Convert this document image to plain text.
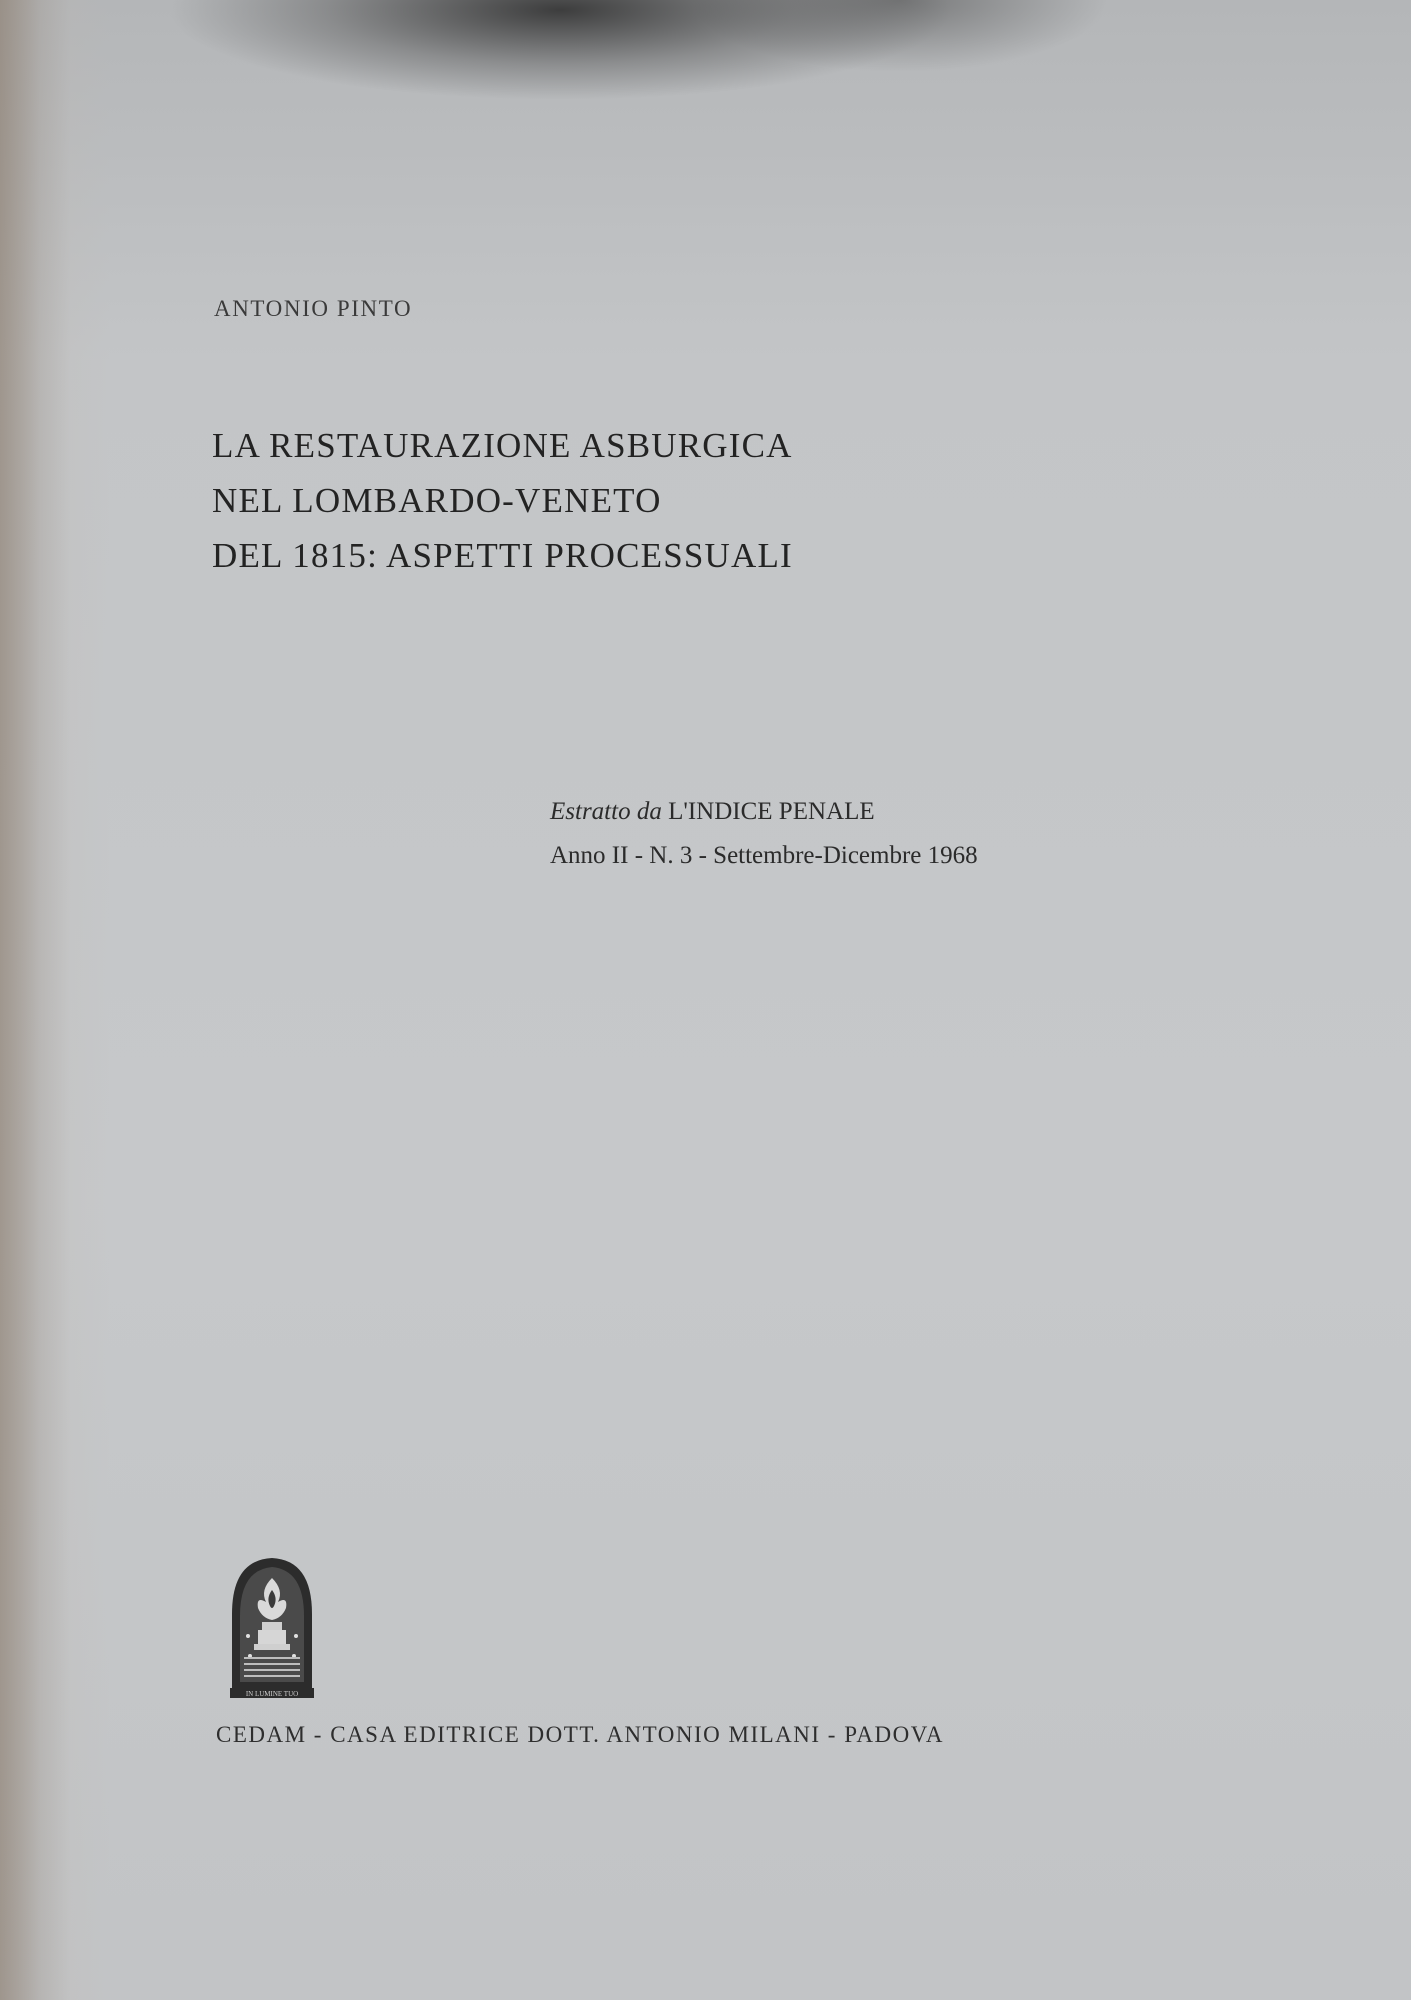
ANTONIO PINTO
LA RESTAURAZIONE ASBURGICA
NEL LOMBARDO-VENETO
DEL 1815: ASPETTI PROCESSUALI
Estratto da L'INDICE PENALE
Anno II - N. 3 - Settembre-Dicembre 1968
IN LUMINE TUO
CEDAM - CASA EDITRICE DOTT. ANTONIO MILANI - PADOVA
